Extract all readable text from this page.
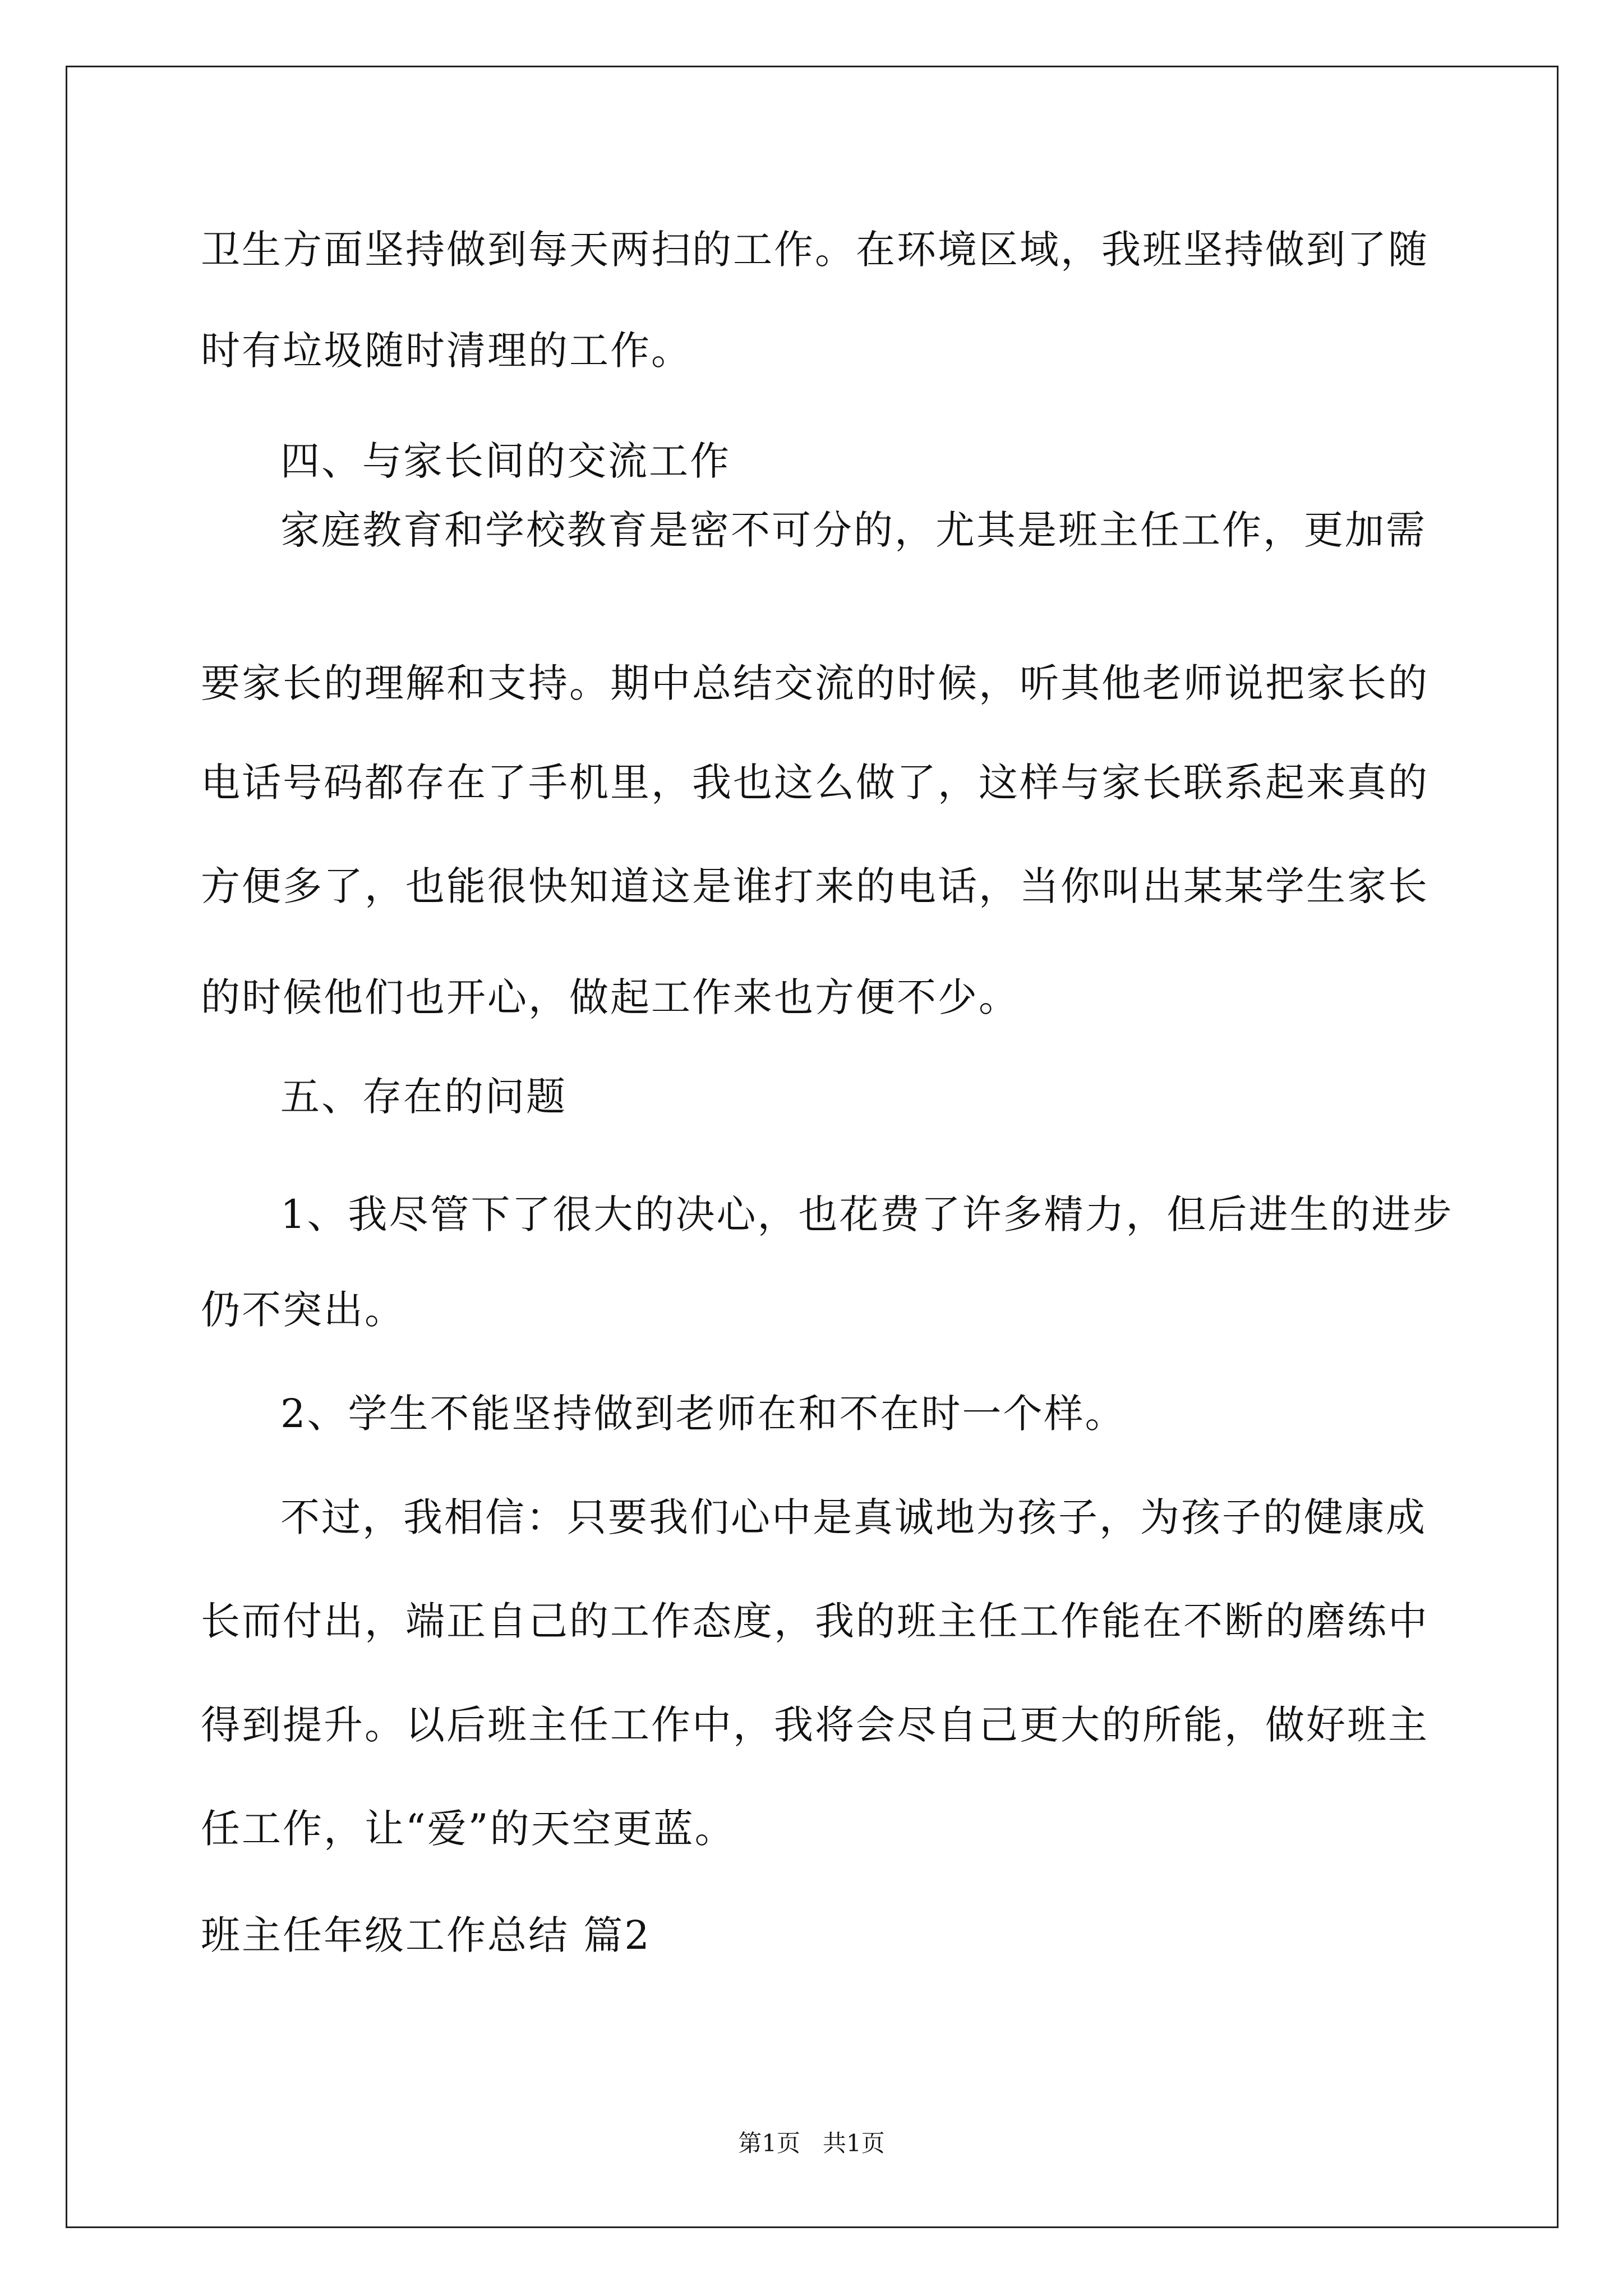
卫生方面坚持做到每天两扫的工作。在环境区域，我班坚持做到了随
时有垃圾随时清理的工作。
四、与家长间的交流工作
家庭教育和学校教育是密不可分的，尤其是班主任工作，更加需
要家长的理解和支持。期中总结交流的时候，听其他老师说把家长的
电话号码都存在了手机里，我也这么做了，这样与家长联系起来真的
方便多了，也能很快知道这是谁打来的电话，当你叫出某某学生家长
的时候他们也开心，做起工作来也方便不少。
五、存在的问题
1、我尽管下了很大的决心，也花费了许多精力，但后进生的进步
仍不突出。
2、学生不能坚持做到老师在和不在时一个样。
不过，我相信：只要我们心中是真诚地为孩子，为孩子的健康成
长而付出，端正自己的工作态度，我的班主任工作能在不断的磨练中
得到提升。以后班主任工作中，我将会尽自己更大的所能，做好班主
任工作，让“爱”的天空更蓝。
班主任年级工作总结 篇2
第1页   共1页
